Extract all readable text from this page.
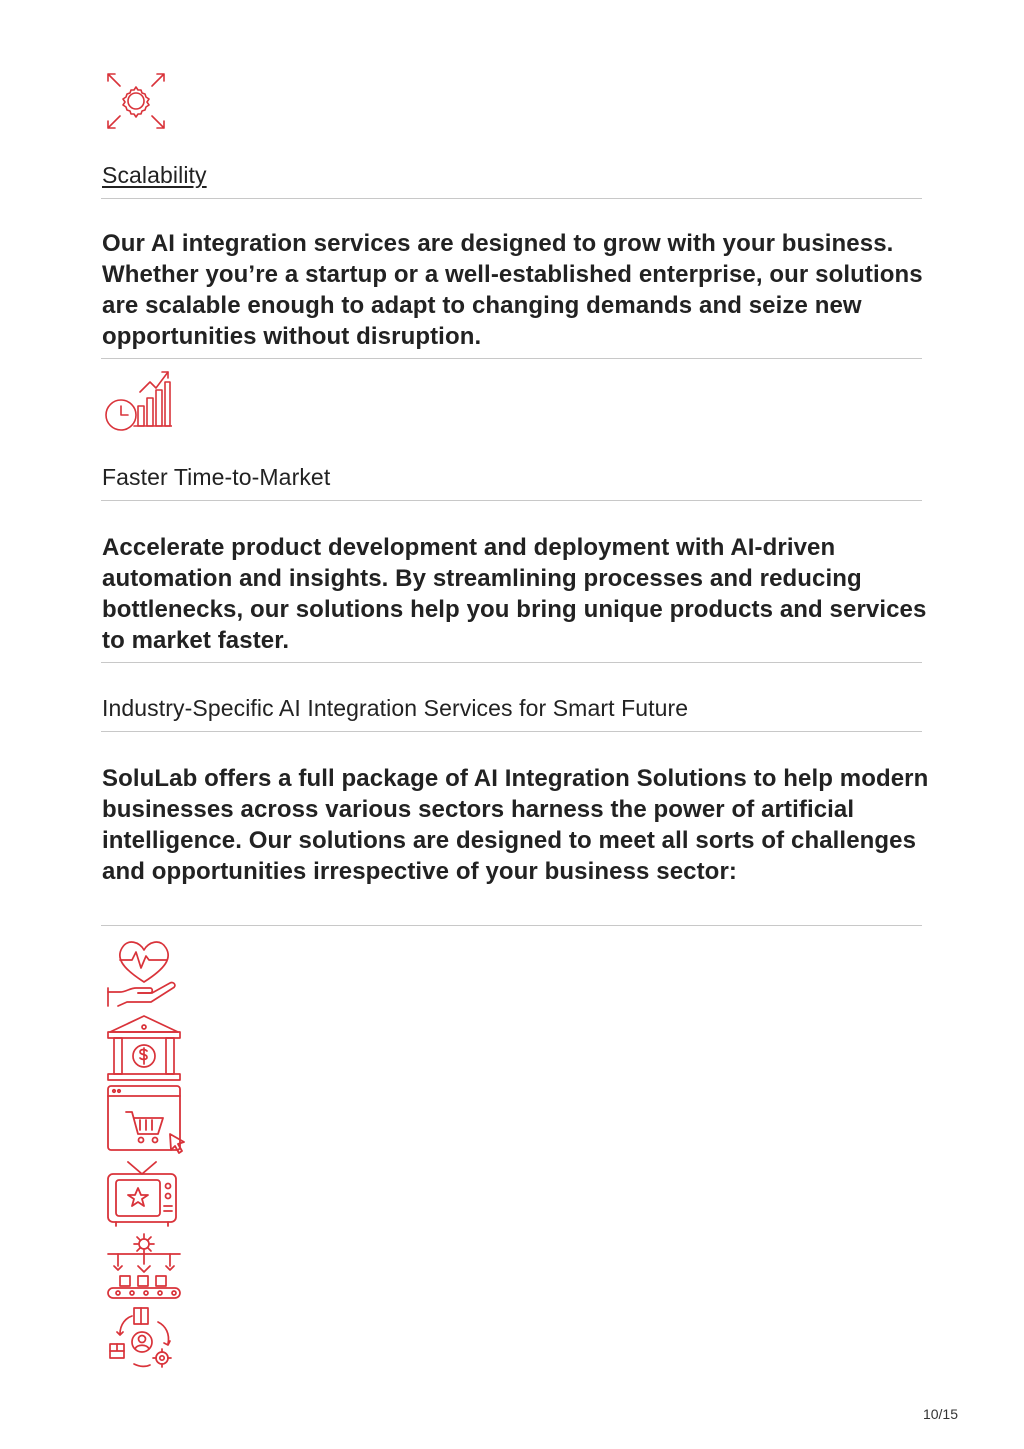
Scalability
Our AI integration services are designed to grow with your business. Whether you’re a startup or a well-established enterprise, our solutions are scalable enough to adapt to changing demands and seize new opportunities without disruption.
Faster Time-to-Market
Accelerate product development and deployment with AI-driven automation and insights. By streamlining processes and reducing bottlenecks, our solutions help you bring unique products and services to market faster.
Industry-Specific AI Integration Services for Smart Future
SoluLab offers a full package of AI Integration Solutions to help modern businesses across various sectors harness the power of artificial intelligence. Our solutions are designed to meet all sorts of challenges and opportunities irrespective of your business sector:
10/15
